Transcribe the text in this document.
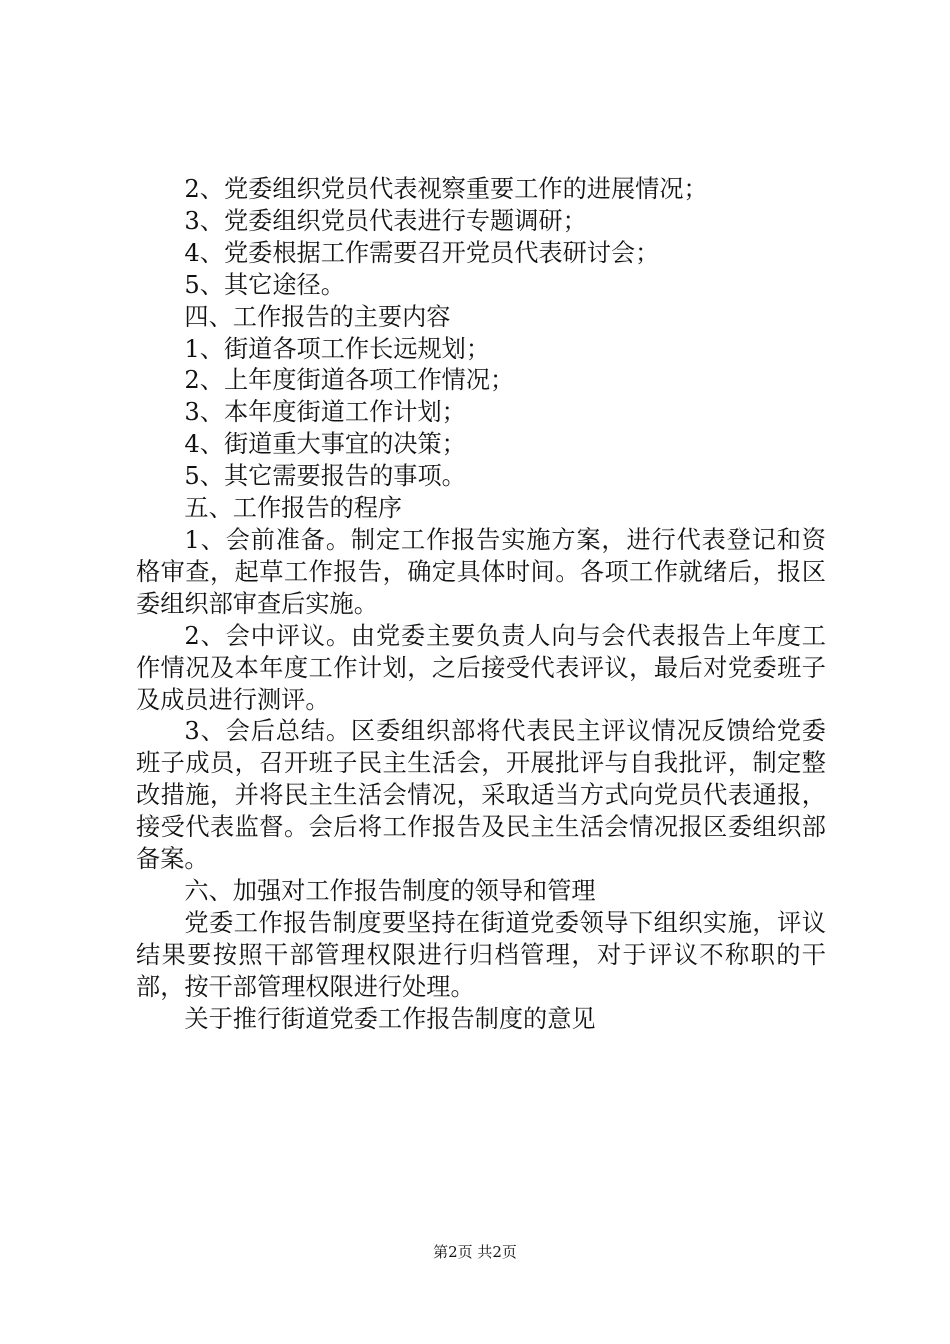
2、党委组织党员代表视察重要工作的进展情况；

3、党委组织党员代表进行专题调研；

4、党委根据工作需要召开党员代表研讨会；

5、其它途径。

四、工作报告的主要内容

1、街道各项工作长远规划；

2、上年度街道各项工作情况；

3、本年度街道工作计划；

4、街道重大事宜的决策；

5、其它需要报告的事项。

五、工作报告的程序

1、会前准备。制定工作报告实施方案，进行代表登记和资格审查，起草工作报告，确定具体时间。各项工作就绪后，报区委组织部审查后实施。

2、会中评议。由党委主要负责人向与会代表报告上年度工作情况及本年度工作计划，之后接受代表评议，最后对党委班子及成员进行测评。

3、会后总结。区委组织部将代表民主评议情况反馈给党委班子成员，召开班子民主生活会，开展批评与自我批评，制定整改措施，并将民主生活会情况，采取适当方式向党员代表通报，接受代表监督。会后将工作报告及民主生活会情况报区委组织部备案。

六、加强对工作报告制度的领导和管理

党委工作报告制度要坚持在街道党委领导下组织实施，评议结果要按照干部管理权限进行归档管理，对于评议不称职的干部，按干部管理权限进行处理。

关于推行街道党委工作报告制度的意见

第2页 共2页
